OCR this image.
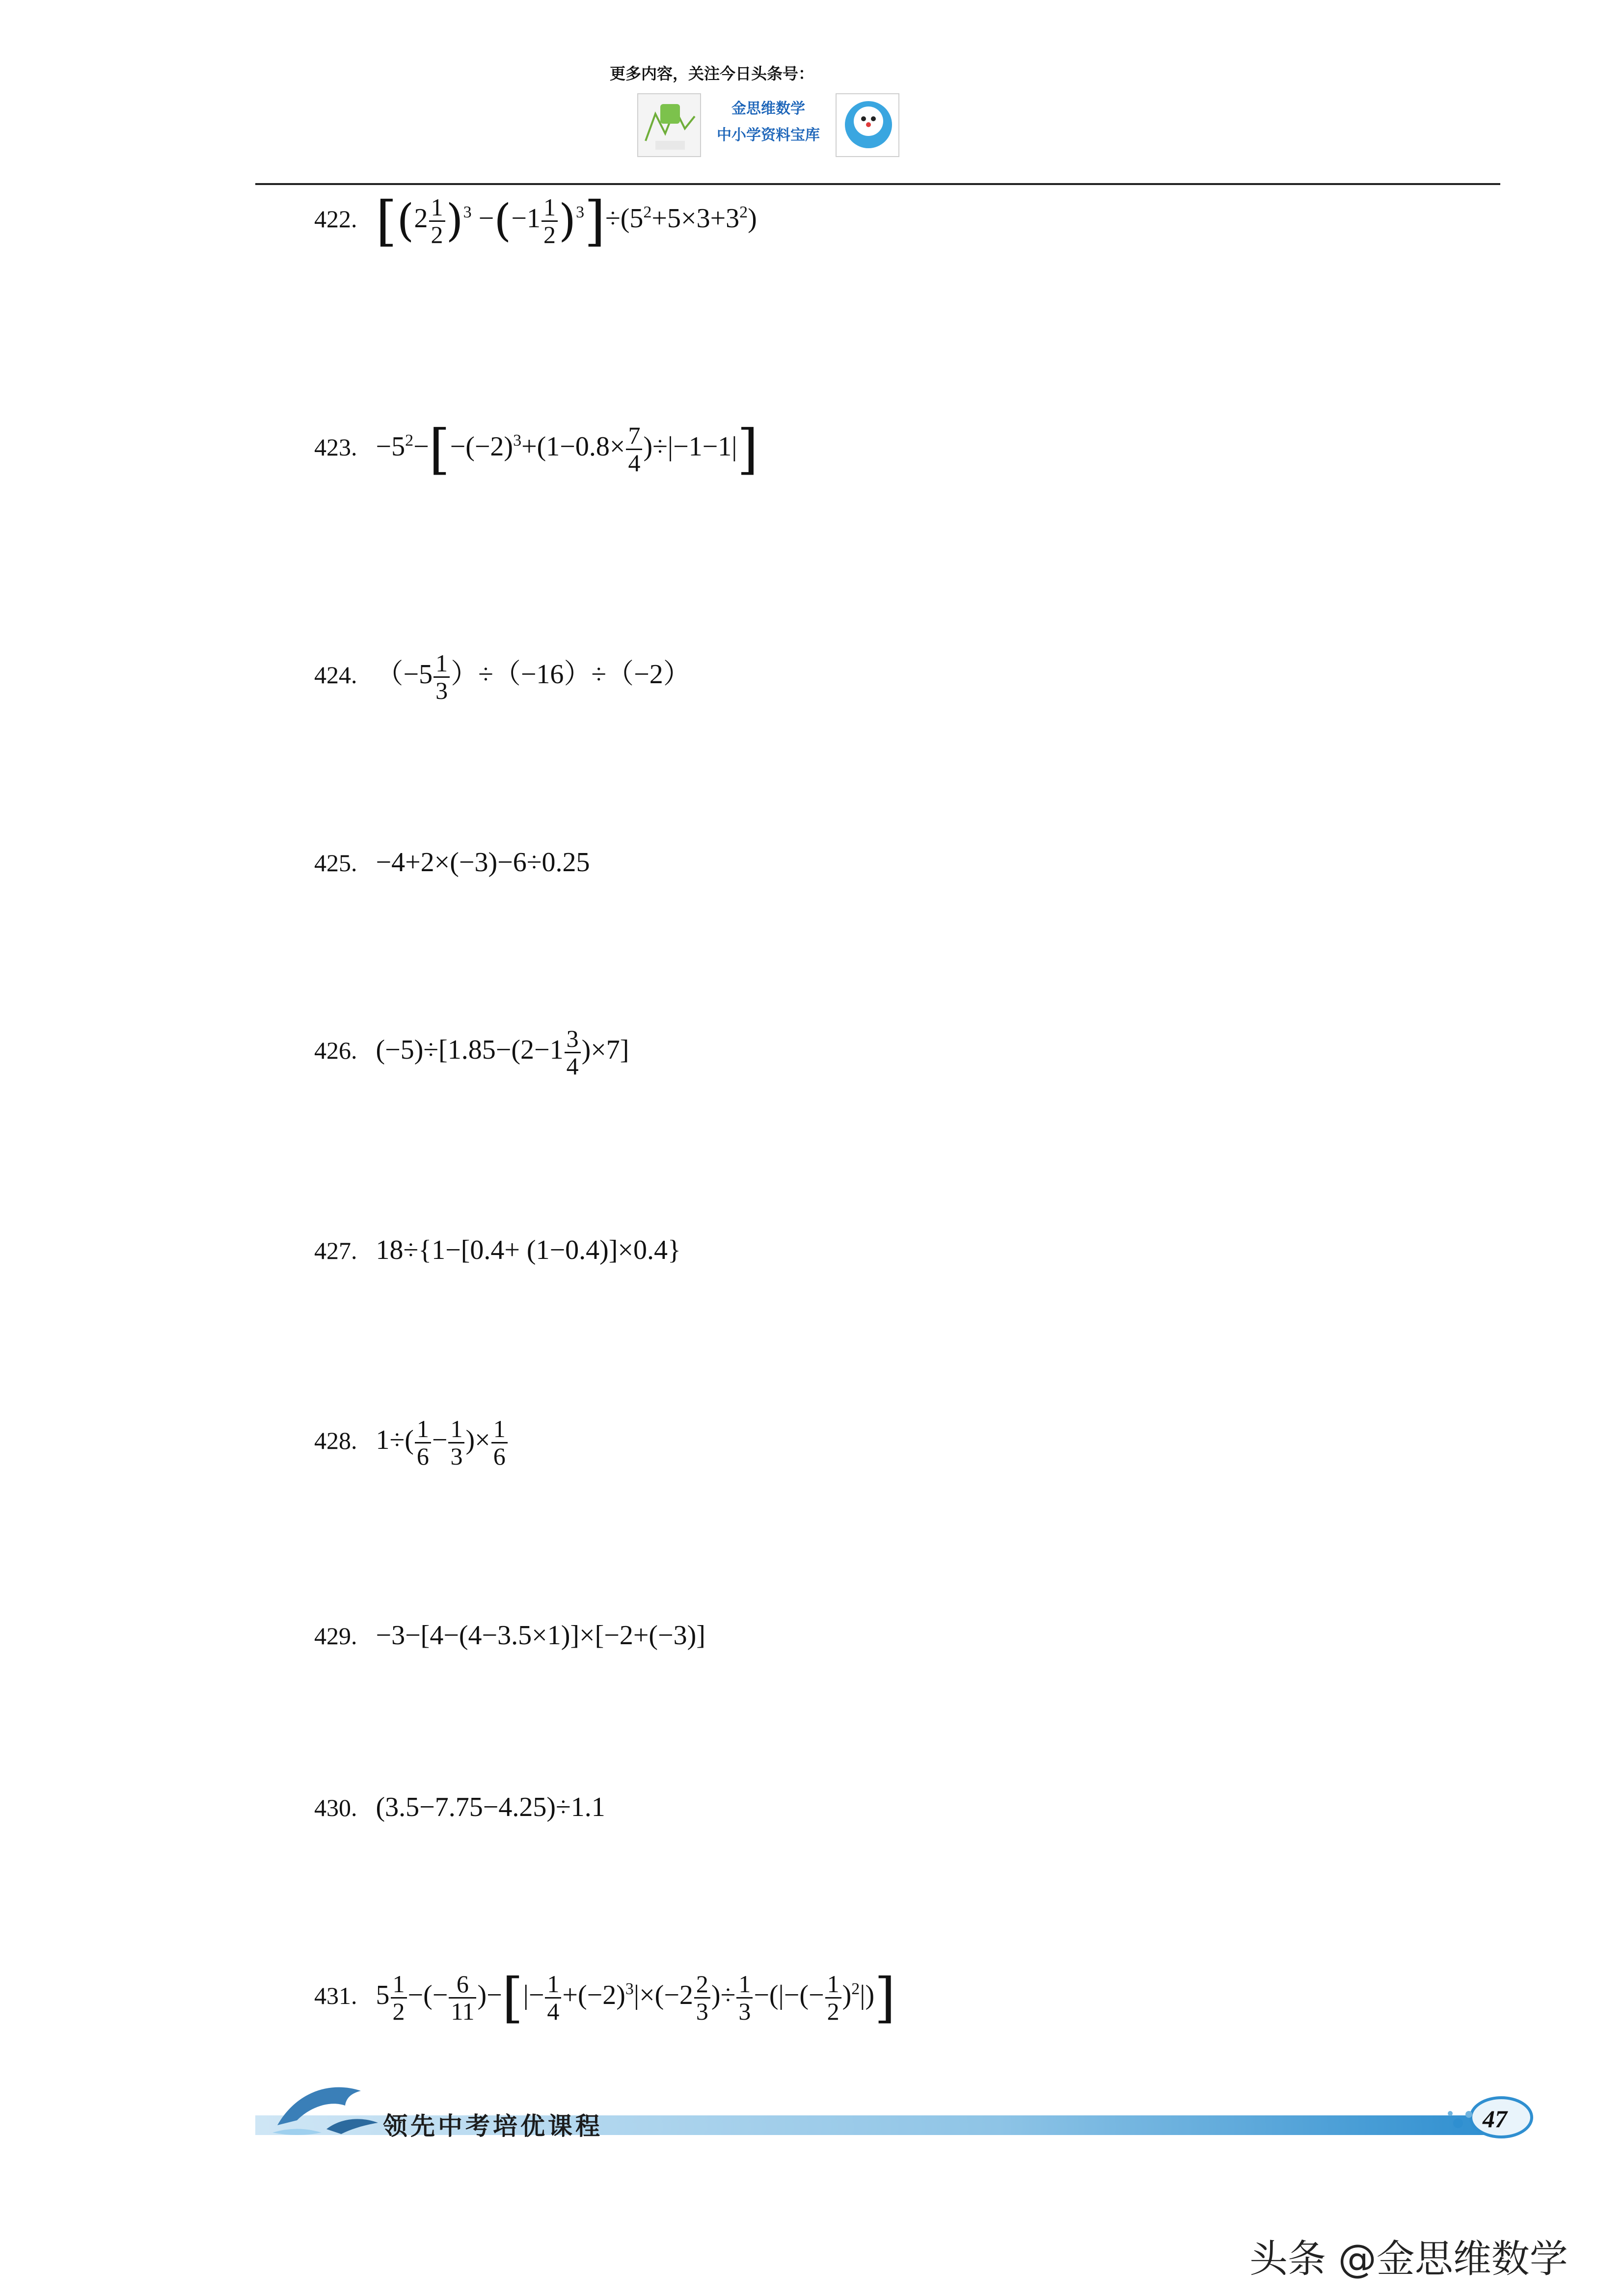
更多内容，关注今日头条号：
金思维数学
中小学资料宝库
422. $[(2 \frac{1}{2} )^3 -(-1 \frac{1}{2} )^3]\div(5^2+5\times 3+3^2)$
423. $-5^2-[-(-2)^3+(1-0.8\times \frac{7}{4} )\div|-1-1|]$
424. $(-5 \frac{1}{3} )\div(-16)\div(-2)$
425. −4+2×(−3)−6÷0.25
426. $(-5)\div[1.85-(2-1 \frac{3}{4} )\times 7]$
427. 18÷{1−[0.4+ (1−0.4)]×0.4}
428. $1\div( \frac{1}{6} - \frac{1}{3}$ )× $\frac{1}{6}$
429. −3−[4−(4−3.5×1)]×[−2+(−3)]
430. (3.5−7.75−4.25)÷1.1
431. $5 \frac{1}{2}$ −(− $\frac{6}{11}$ )−[|− $\frac{1}{4} +(-2)^3|\times(-2 \frac{2}{3}$ )÷ $\frac{1}{3}$ −(|−(− $\frac{1}{2} )^2|$)]
领先中考培优课程	47
头条 @金思维数学
